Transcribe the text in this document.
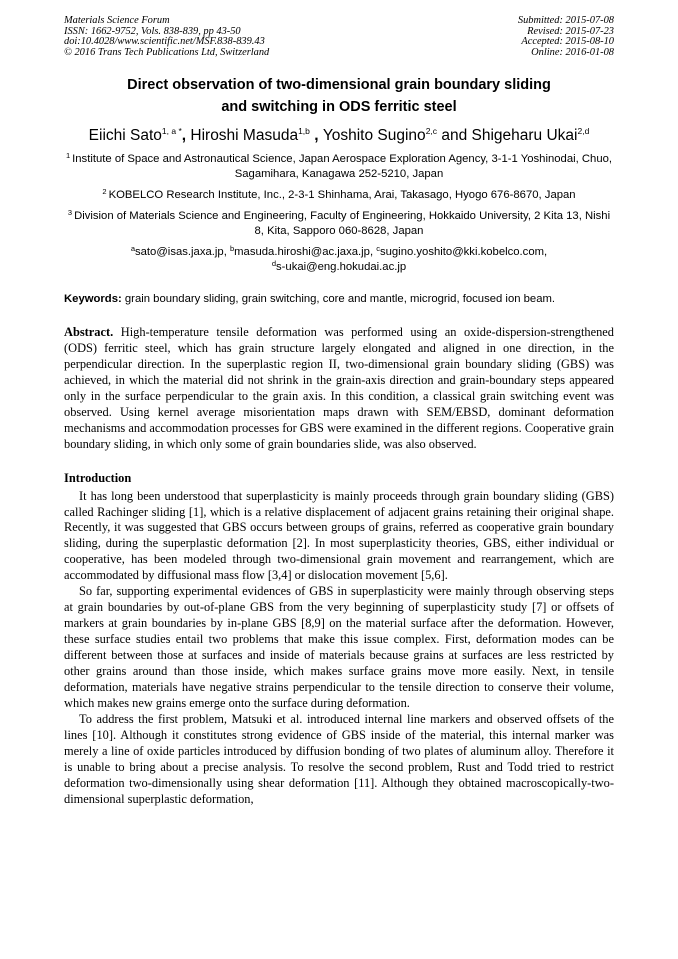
Materials Science Forum
ISSN: 1662-9752, Vols. 838-839, pp 43-50
doi:10.4028/www.scientific.net/MSF.838-839.43
© 2016 Trans Tech Publications Ltd, Switzerland
Submitted: 2015-07-08
Revised: 2015-07-23
Accepted: 2015-08-10
Online: 2016-01-08
Direct observation of two-dimensional grain boundary sliding
and switching in ODS ferritic steel
Eiichi Sato$^{1, a *}$, Hiroshi Masuda$^{1,b}$ , Yoshito Sugino$^{2,c}$ and Shigeharu Ukai$^{2,d}$
$^1$ Institute of Space and Astronautical Science, Japan Aerospace Exploration Agency, 3-1-1 Yoshinodai, Chuo, Sagamihara, Kanagawa 252-5210, Japan
$^2$ KOBELCO Research Institute, Inc., 2-3-1 Shinhama, Arai, Takasago, Hyogo 676-8670, Japan
$^3$ Division of Materials Science and Engineering, Faculty of Engineering, Hokkaido University, 2 Kita 13, Nishi 8, Kita, Sapporo 060-8628, Japan
$^a$sato@isas.jaxa.jp, $^b$masuda.hiroshi@ac.jaxa.jp, $^c$sugino.yoshito@kki.kobelco.com,
$^d$s-ukai@eng.hokudai.ac.jp
Keywords: grain boundary sliding, grain switching, core and mantle, microgrid, focused ion beam.
Abstract. High-temperature tensile deformation was performed using an oxide-dispersion-strengthened (ODS) ferritic steel, which has grain structure largely elongated and aligned in one direction, in the perpendicular direction. In the superplastic region II, two-dimensional grain boundary sliding (GBS) was achieved, in which the material did not shrink in the grain-axis direction and grain-boundary steps appeared only in the surface perpendicular to the grain axis. In this condition, a classical grain switching event was observed. Using kernel average misorientation maps drawn with SEM/EBSD, dominant deformation mechanisms and accommodation processes for GBS were examined in the different regions. Cooperative grain boundary sliding, in which only some of grain boundaries slide, was also observed.
Introduction

It has long been understood that superplasticity is mainly proceeds through grain boundary sliding (GBS) called Rachinger sliding [1], which is a relative displacement of adjacent grains retaining their original shape. Recently, it was suggested that GBS occurs between groups of grains, referred as cooperative grain boundary sliding, during the superplastic deformation [2]. In most superplasticity theories, GBS, either individual or cooperative, has been modeled through two-dimensional grain movement and rearrangement, which are accommodated by diffusional mass flow [3,4] or dislocation movement [5,6].

So far, supporting experimental evidences of GBS in superplasticity were mainly through observing steps at grain boundaries by out-of-plane GBS from the very beginning of superplasticity study [7] or offsets of markers at grain boundaries by in-plane GBS [8,9] on the material surface after the deformation. However, these surface studies entail two problems that make this issue complex. First, deformation modes can be different between those at surfaces and inside of materials because grains at surfaces are less restricted by other grains around than those inside, which makes surface grains move more easily. Next, in tensile deformation, materials have negative strains perpendicular to the tensile direction to conserve their volume, which makes new grains emerge onto the surface during deformation.

To address the first problem, Matsuki et al. introduced internal line markers and observed offsets of the lines [10]. Although it constitutes strong evidence of GBS inside of the material, this internal marker was merely a line of oxide particles introduced by diffusion bonding of two plates of aluminum alloy. Therefore it is unable to bring about a precise analysis. To resolve the second problem, Rust and Todd tried to restrict deformation two-dimensionally using shear deformation [11]. Although they obtained macroscopically-two-dimensional superplastic deformation,
